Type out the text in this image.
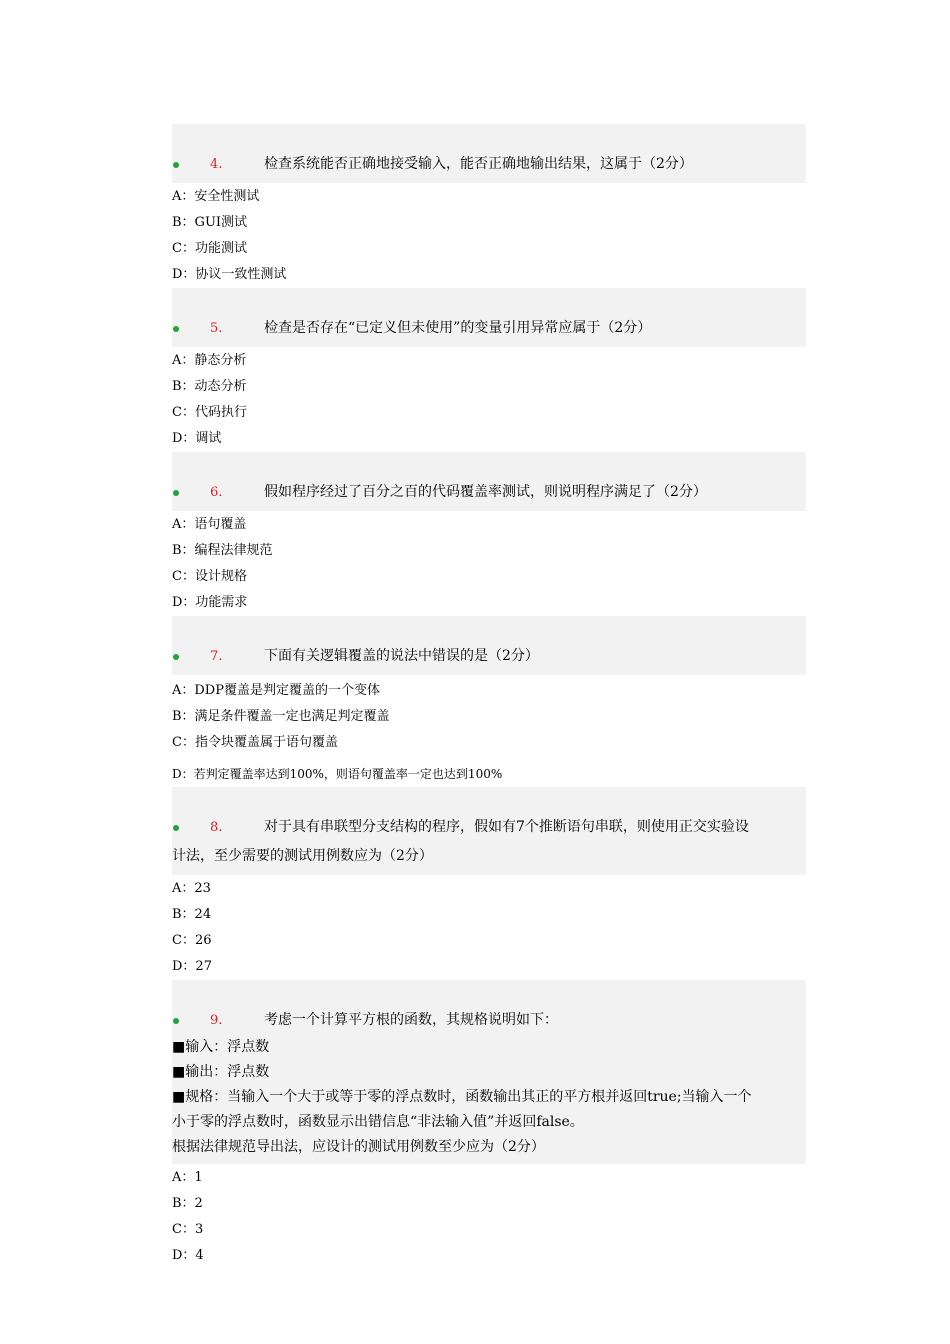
4.	检查系统能否正确地接受输入，能否正确地输出结果，这属于（2分）
A：安全性测试
B：GUI测试
C：功能测试
D：协议一致性测试
5.	检查是否存在“已定义但未使用”的变量引用异常应属于（2分）
A：静态分析
B：动态分析
C：代码执行
D：调试
6.	假如程序经过了百分之百的代码覆盖率测试，则说明程序满足了（2分）
A：语句覆盖
B：编程法律规范
C：设计规格
D：功能需求
7.	下面有关逻辑覆盖的说法中错误的是（2分）
A：DDP覆盖是判定覆盖的一个变体
B：满足条件覆盖一定也满足判定覆盖
C：指令块覆盖属于语句覆盖
D：若判定覆盖率达到100%，则语句覆盖率一定也达到100%
8.	对于具有串联型分支结构的程序，假如有7个推断语句串联，则使用正交实验设
计法，至少需要的测试用例数应为（2分）
A：23
B：24
C：26
D：27
9.	考虑一个计算平方根的函数，其规格说明如下：
■输入：浮点数
■输出：浮点数
■规格：当输入一个大于或等于零的浮点数时，函数输出其正的平方根并返回true;当输入一个
小于零的浮点数时，函数显示出错信息“非法输入值”并返回false。
根据法律规范导出法，应设计的测试用例数至少应为（2分）
A：1
B：2
C：3
D：4
